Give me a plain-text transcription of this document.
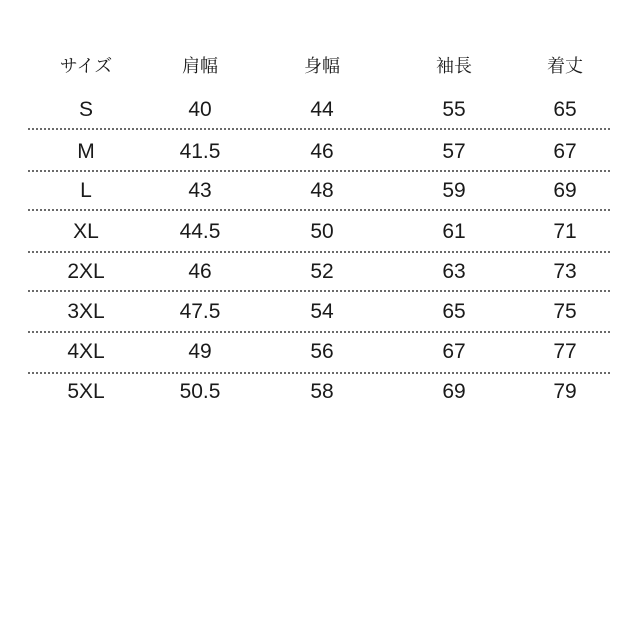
サイズ	肩幅	身幅	袖長	着丈
S	40	44	55	65
M	41.5	46	57	67
L	43	48	59	69
XL	44.5	50	61	71
2XL	46	52	63	73
3XL	47.5	54	65	75
4XL	49	56	67	77
5XL	50.5	58	69	79
